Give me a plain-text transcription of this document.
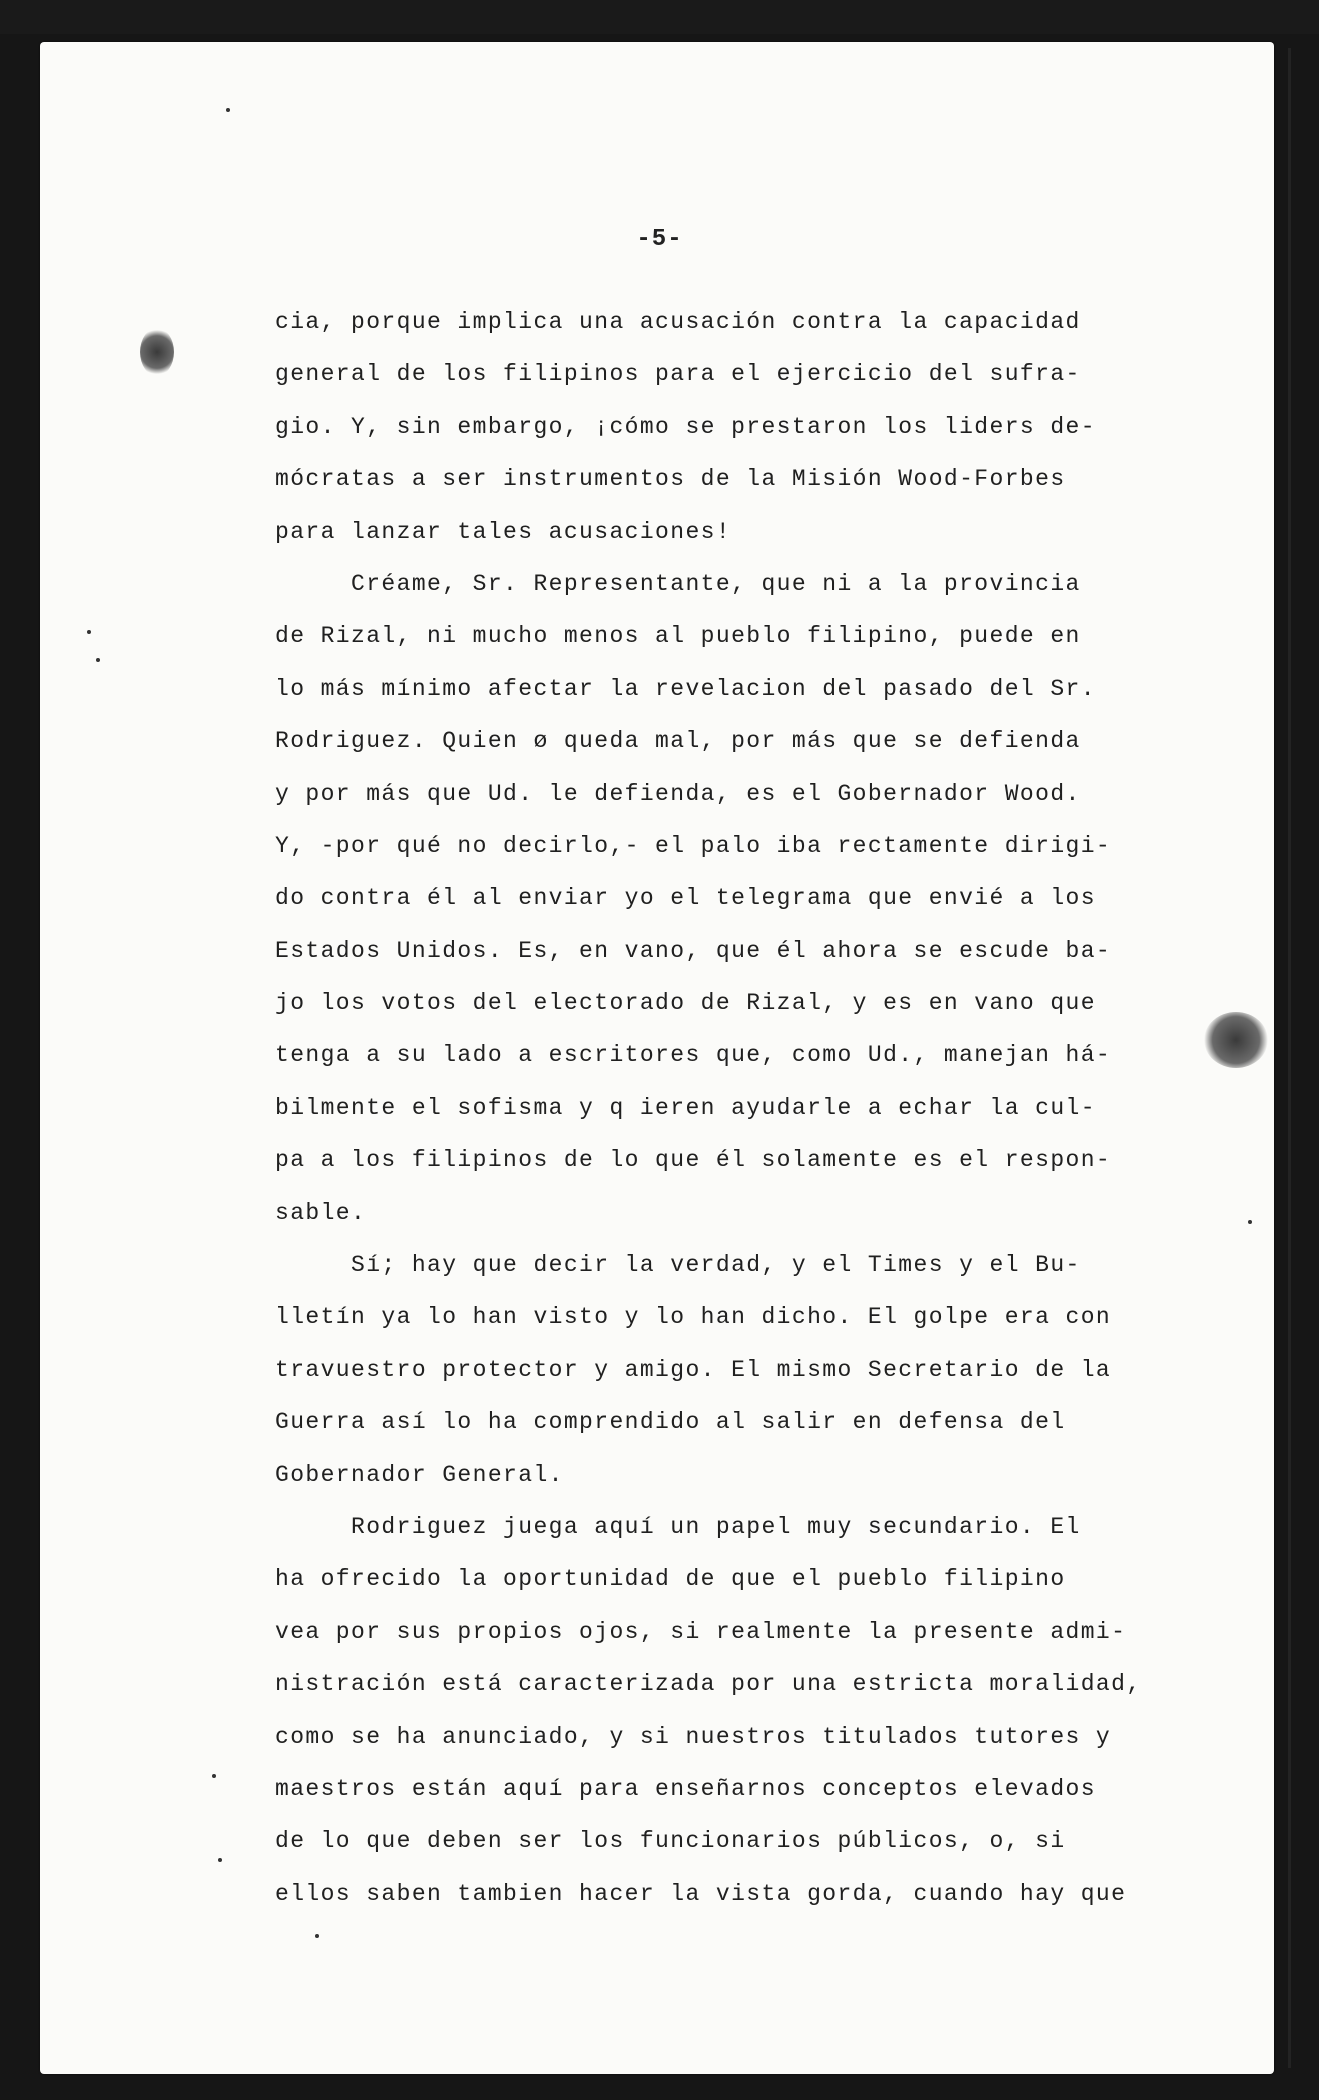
-5-
cia, porque implica una acusación contra la capacidad
general de los filipinos para el ejercicio del sufra-
gio. Y, sin embargo, ¡cómo se prestaron los liders de-
mócratas a ser instrumentos de la Misión Wood-Forbes
para lanzar tales acusaciones!
Créame, Sr. Representante, que ni a la provincia
de Rizal, ni mucho menos al pueblo filipino, puede en
lo más mínimo afectar la revelacion del pasado del Sr.
Rodriguez. Quien ø queda mal, por más que se defienda
y por más que Ud. le defienda, es el Gobernador Wood.
Y, -por qué no decirlo,- el palo iba rectamente dirigi-
do contra él al enviar yo el telegrama que envié a los
Estados Unidos. Es, en vano, que él ahora se escude ba-
jo los votos del electorado de Rizal, y es en vano que
tenga a su lado a escritores que, como Ud., manejan há-
bilmente el sofisma y q ieren ayudarle a echar la cul-
pa a los filipinos de lo que él solamente es el respon-
sable.
Sí; hay que decir la verdad, y el Times y el Bu-
lletín ya lo han visto y lo han dicho. El golpe era con
travuestro protector y amigo. El mismo Secretario de la
Guerra así lo ha comprendido al salir en defensa del
Gobernador General.
Rodriguez juega aquí un papel muy secundario. El
ha ofrecido la oportunidad de que el pueblo filipino
vea por sus propios ojos, si realmente la presente admi-
nistración está caracterizada por una estricta moralidad,
como se ha anunciado, y si nuestros titulados tutores y
maestros están aquí para enseñarnos conceptos elevados
de lo que deben ser los funcionarios públicos, o, si
ellos saben tambien hacer la vista gorda, cuando hay que
